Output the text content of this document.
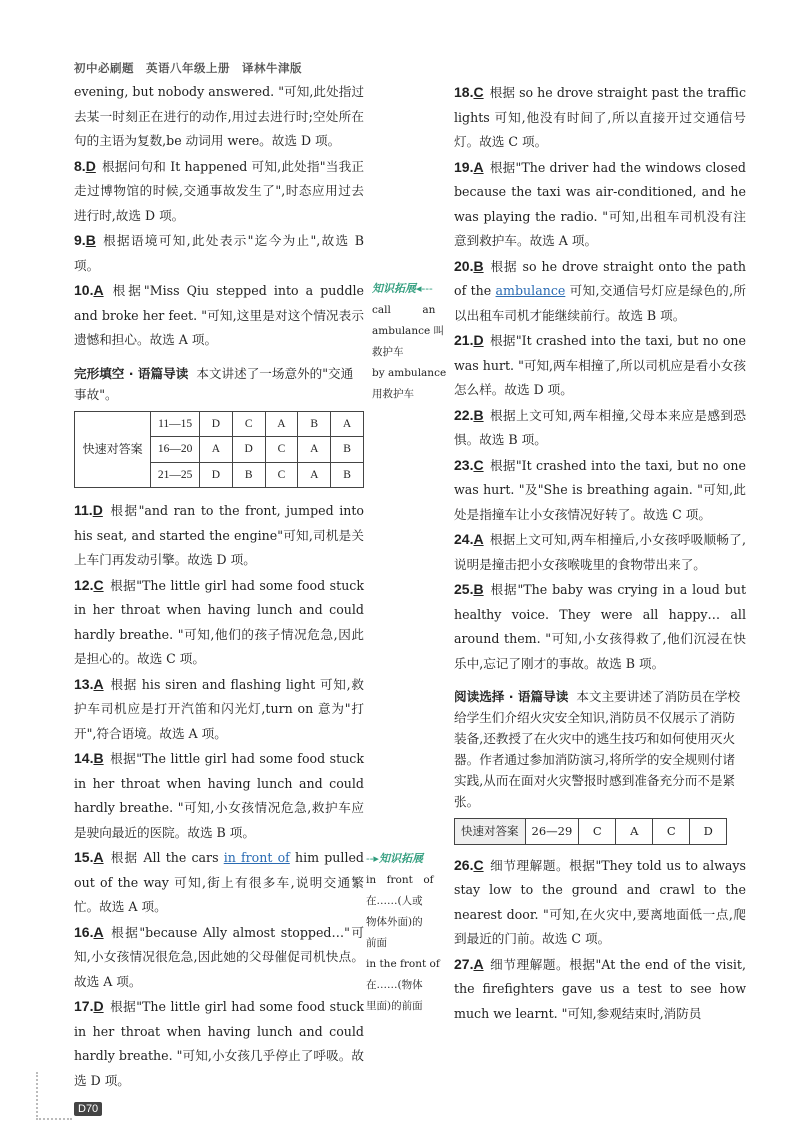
初中必刷题　英语八年级上册　译林牛津版

evening, but nobody answered. "可知,此处指过去某一时刻正在进行的动作,用过去进行时;空处所在句的主语为复数,be 动词用 were。故选 D 项。

8.D 根据问句和 It happened 可知,此处指"当我正走过博物馆的时候,交通事故发生了",时态应用过去进行时,故选 D 项。

9.B 根据语境可知,此处表示"迄今为止",故选 B 项。

10.A 根据"Miss Qiu stepped into a puddle and broke her feet. "可知,这里是对这个情况表示遗憾和担心。故选 A 项。

完形填空 · 语篇导读 本文讲述了一场意外的"交通事故"。

快速对答案	11—15	D	C	A	B	A
	16—20	A	D	C	A	B
	21—25	D	B	C	A	B

11.D 根据"and ran to the front, jumped into his seat, and started the engine"可知,司机是关上车门再发动引擎。故选 D 项。

12.C 根据"The little girl had some food stuck in her throat when having lunch and could hardly breathe. "可知,他们的孩子情况危急,因此是担心的。故选 C 项。

13.A 根据 his siren and flashing light 可知,救护车司机应是打开汽笛和闪光灯,turn on 意为"打开",符合语境。故选 A 项。

14.B 根据"The little girl had some food stuck in her throat when having lunch and could hardly breathe. "可知,小女孩情况危急,救护车应是驶向最近的医院。故选 B 项。

15.A 根据 All the cars in front of him pulled out of the way 可知,街上有很多车,说明交通繁忙。故选 A 项。

16.A 根据"because Ally almost stopped…"可知,小女孩情况很危急,因此她的父母催促司机快点。故选 A 项。

17.D 根据"The little girl had some food stuck in her throat when having lunch and could hardly breathe. "可知,小女孩几乎停止了呼吸。故选 D 项。

知识拓展◂---
call　　　an
ambulance 叫
救护车
by ambulance
用救护车
--▸知识拓展
in　front　of
在……(人或
物体外面)的
前面
in the front of
在……(物体
里面)的前面

18.C 根据 so he drove straight past the traffic lights 可知,他没有时间了,所以直接开过交通信号灯。故选 C 项。

19.A 根据"The driver had the windows closed because the taxi was air-conditioned, and he was playing the radio. "可知,出租车司机没有注意到救护车。故选 A 项。

20.B 根据 so he drove straight onto the path of the ambulance 可知,交通信号灯应是绿色的,所以出租车司机才能继续前行。故选 B 项。

21.D 根据"It crashed into the taxi, but no one was hurt. "可知,两车相撞了,所以司机应是看小女孩怎么样。故选 D 项。

22.B 根据上文可知,两车相撞,父母本来应是感到恐惧。故选 B 项。

23.C 根据"It crashed into the taxi, but no one was hurt. "及"She is breathing again. "可知,此处是指撞车让小女孩情况好转了。故选 C 项。

24.A 根据上文可知,两车相撞后,小女孩呼吸顺畅了,说明是撞击把小女孩喉咙里的食物带出来了。

25.B 根据"The baby was crying in a loud but healthy voice. They were all happy… all around them. "可知,小女孩得救了,他们沉浸在快乐中,忘记了刚才的事故。故选 B 项。

阅读选择 · 语篇导读 本文主要讲述了消防员在学校给学生们介绍火灾安全知识,消防员不仅展示了消防装备,还教授了在火灾中的逃生技巧和如何使用灭火器。作者通过参加消防演习,将所学的安全规则付诸实践,从而在面对火灾警报时感到准备充分而不是紧张。

快速对答案	26—29	C	A	C	D

26.C 细节理解题。根据"They told us to always stay low to the ground and crawl to the nearest door. "可知,在火灾中,要离地面低一点,爬到最近的门前。故选 C 项。

27.A 细节理解题。根据"At the end of the visit, the firefighters gave us a test to see how much we learnt. "可知,参观结束时,消防员

D70
